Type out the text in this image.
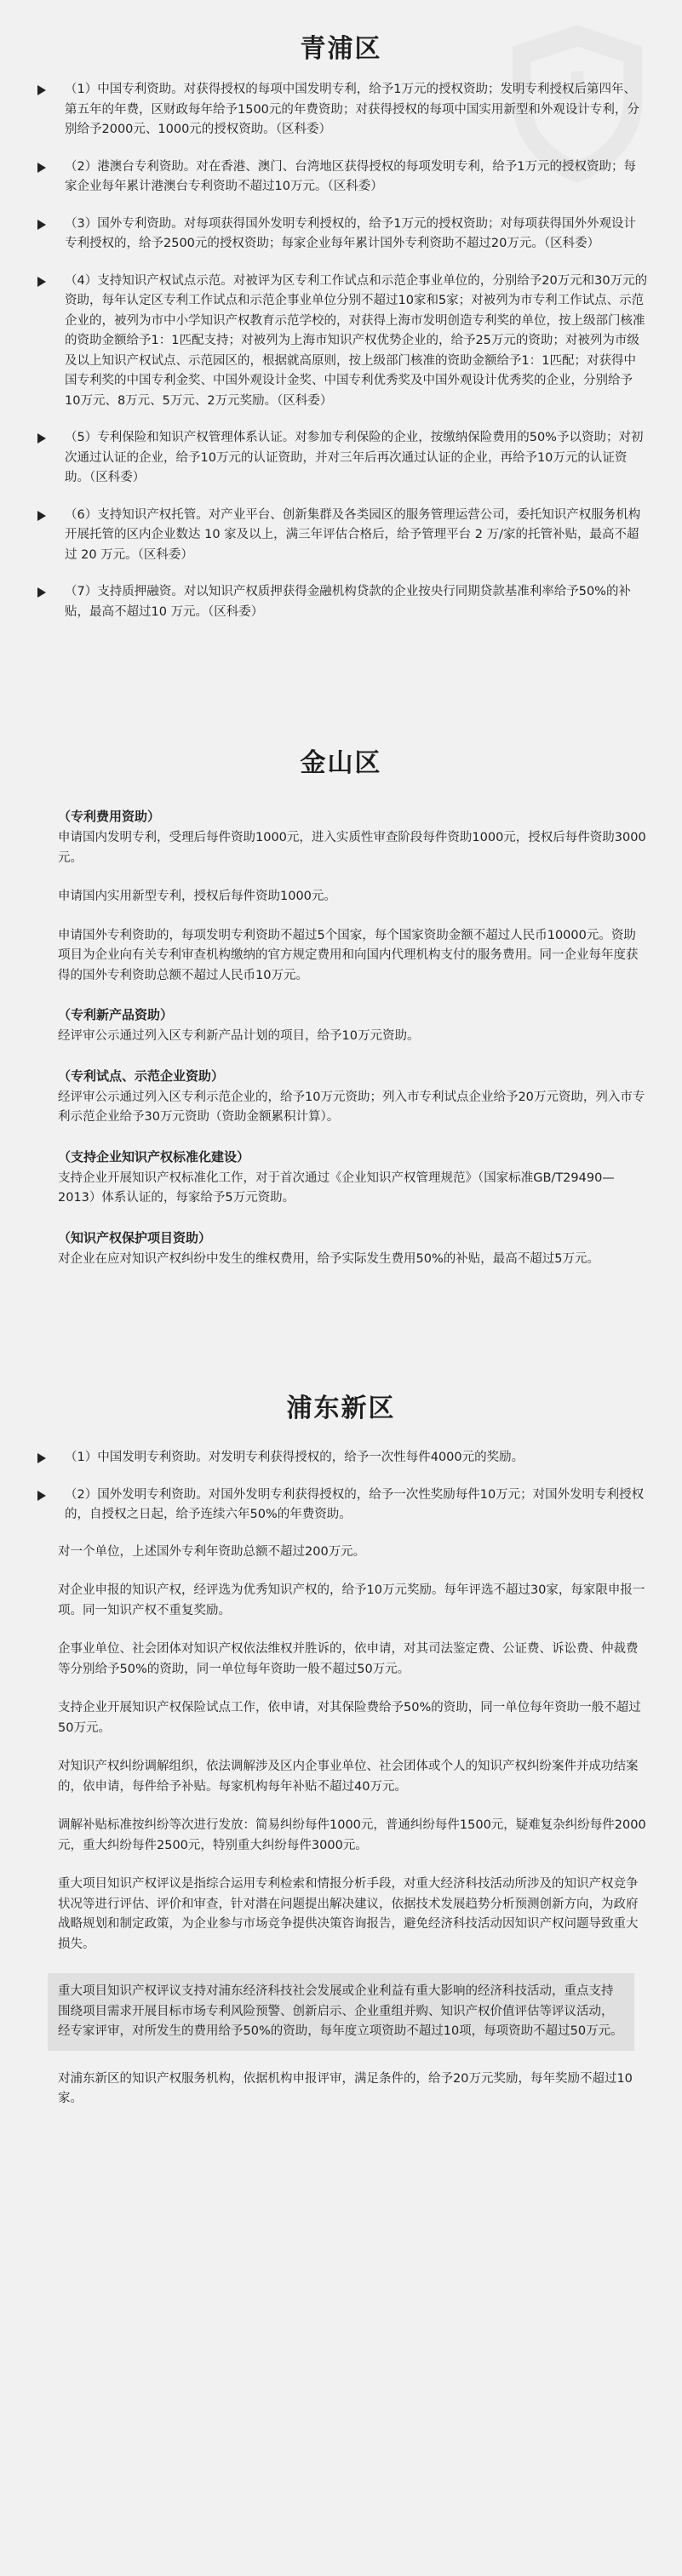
青浦区
（1）中国专利资助。对获得授权的每项中国发明专利，给予1万元的授权资助；发明专利授权后第四年、第五年的年费，区财政每年给予1500元的年费资助；对获得授权的每项中国实用新型和外观设计专利，分别给予2000元、1000元的授权资助。（区科委）
（2）港澳台专利资助。对在香港、澳门、台湾地区获得授权的每项发明专利，给予1万元的授权资助；每家企业每年累计港澳台专利资助不超过10万元。（区科委）
（3）国外专利资助。对每项获得国外发明专利授权的，给予1万元的授权资助；对每项获得国外外观设计专利授权的，给予2500元的授权资助；每家企业每年累计国外专利资助不超过20万元。（区科委）
（4）支持知识产权试点示范。对被评为区专利工作试点和示范企事业单位的，分别给予20万元和30万元的资助，每年认定区专利工作试点和示范企事业单位分别不超过10家和5家；对被列为市专利工作试点、示范企业的，被列为市中小学知识产权教育示范学校的，对获得上海市发明创造专利奖的单位，按上级部门核准的资助金额给予1：1匹配支持；对被列为上海市知识产权优势企业的，给予25万元的资助；对被列为市级及以上知识产权试点、示范园区的，根据就高原则，按上级部门核准的资助金额给予1：1匹配；对获得中国专利奖的中国专利金奖、中国外观设计金奖、中国专利优秀奖及中国外观设计优秀奖的企业，分别给予10万元、8万元、5万元、2万元奖励。（区科委）
（5）专利保险和知识产权管理体系认证。对参加专利保险的企业，按缴纳保险费用的50%予以资助；对初次通过认证的企业，给予10万元的认证资助，并对三年后再次通过认证的企业，再给予10万元的认证资助。（区科委）
（6）支持知识产权托管。对产业平台、创新集群及各类园区的服务管理运营公司，委托知识产权服务机构开展托管的区内企业数达 10 家及以上，满三年评估合格后，给予管理平台 2 万/家的托管补贴，最高不超过 20 万元。（区科委）
（7）支持质押融资。对以知识产权质押获得金融机构贷款的企业按央行同期贷款基准利率给予50%的补贴，最高不超过10 万元。（区科委）
金山区
（专利费用资助）
申请国内发明专利，受理后每件资助1000元，进入实质性审查阶段每件资助1000元，授权后每件资助3000元。
申请国内实用新型专利，授权后每件资助1000元。
申请国外专利资助的，每项发明专利资助不超过5个国家，每个国家资助金额不超过人民币10000元。资助项目为企业向有关专利审查机构缴纳的官方规定费用和向国内代理机构支付的服务费用。同一企业每年度获得的国外专利资助总额不超过人民币10万元。
（专利新产品资助）
经评审公示通过列入区专利新产品计划的项目，给予10万元资助。
（专利试点、示范企业资助）
经评审公示通过列入区专利示范企业的，给予10万元资助；列入市专利试点企业给予20万元资助，列入市专利示范企业给予30万元资助（资助金额累积计算）。
（支持企业知识产权标准化建设）
支持企业开展知识产权标准化工作，对于首次通过《企业知识产权管理规范》（国家标准GB/T29490—2013）体系认证的，每家给予5万元资助。
（知识产权保护项目资助）
对企业在应对知识产权纠纷中发生的维权费用，给予实际发生费用50%的补贴，最高不超过5万元。
浦东新区
（1）中国发明专利资助。对发明专利获得授权的，给予一次性每件4000元的奖励。
（2）国外发明专利资助。对国外发明专利获得授权的，给予一次性奖励每件10万元；对国外发明专利授权的，自授权之日起，给予连续六年50%的年费资助。
对一个单位，上述国外专利年资助总额不超过200万元。
对企业申报的知识产权，经评选为优秀知识产权的，给予10万元奖励。每年评选不超过30家，每家限申报一项。同一知识产权不重复奖励。
企事业单位、社会团体对知识产权依法维权并胜诉的，依申请，对其司法鉴定费、公证费、诉讼费、仲裁费等分别给予50%的资助，同一单位每年资助一般不超过50万元。
支持企业开展知识产权保险试点工作，依申请，对其保险费给予50%的资助，同一单位每年资助一般不超过50万元。
对知识产权纠纷调解组织，依法调解涉及区内企事业单位、社会团体或个人的知识产权纠纷案件并成功结案的，依申请，每件给予补贴。每家机构每年补贴不超过40万元。
调解补贴标准按纠纷等次进行发放：简易纠纷每件1000元，普通纠纷每件1500元，疑难复杂纠纷每件2000元，重大纠纷每件2500元，特别重大纠纷每件3000元。
重大项目知识产权评议是指综合运用专利检索和情报分析手段，对重大经济科技活动所涉及的知识产权竞争状况等进行评估、评价和审查，针对潜在问题提出解决建议，依据技术发展趋势分析预测创新方向，为政府战略规划和制定政策，为企业参与市场竞争提供决策咨询报告，避免经济科技活动因知识产权问题导致重大损失。
重大项目知识产权评议支持对浦东经济科技社会发展或企业利益有重大影响的经济科技活动，重点支持围绕项目需求开展目标市场专利风险预警、创新启示、企业重组并购、知识产权价值评估等评议活动，经专家评审，对所发生的费用给予50%的资助，每年度立项资助不超过10项，每项资助不超过50万元。
对浦东新区的知识产权服务机构，依据机构申报评审，满足条件的，给予20万元奖励，每年奖励不超过10家。
